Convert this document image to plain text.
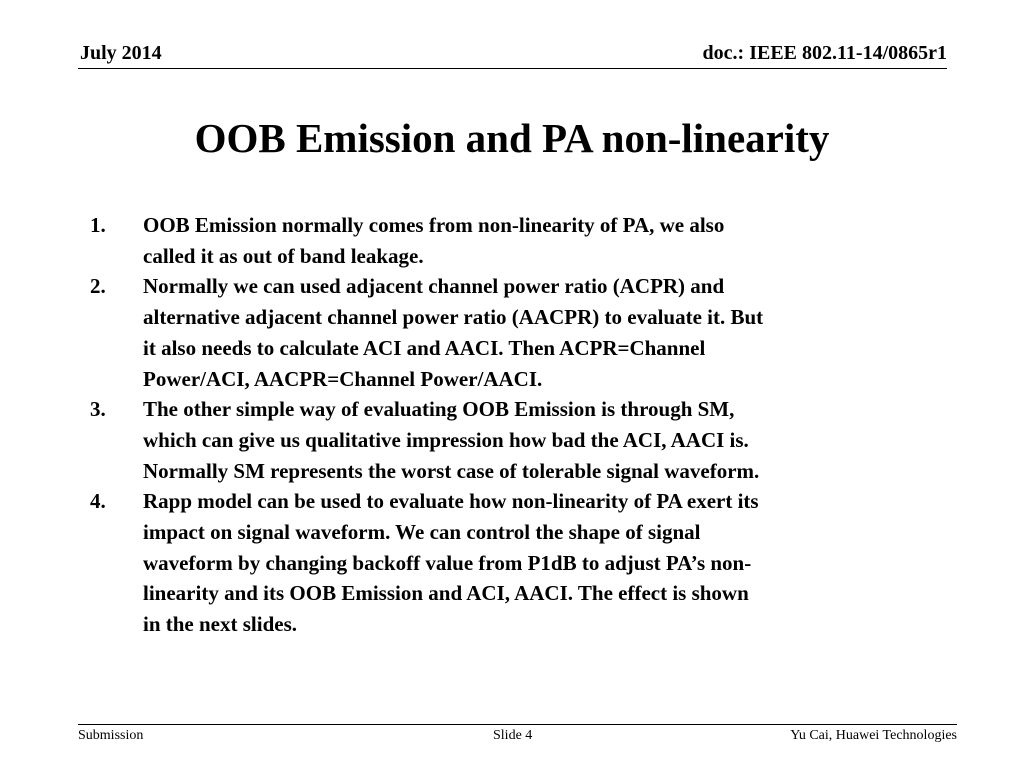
July 2014	doc.: IEEE 802.11-14/0865r1
OOB Emission and PA non-linearity
1. OOB Emission normally comes from non-linearity of PA, we also
called it as out of band leakage.
2. Normally we can used adjacent channel power ratio (ACPR) and
alternative adjacent channel power ratio (AACPR) to evaluate it. But
it also needs to calculate ACI and AACI. Then ACPR=Channel
Power/ACI, AACPR=Channel Power/AACI.
3. The other simple way of evaluating OOB Emission is through SM,
which can give us qualitative impression how bad the ACI, AACI is.
Normally SM represents the worst case of tolerable signal waveform.
4. Rapp model can be used to evaluate how non-linearity of PA exert its
impact on signal waveform. We can control the shape of signal
waveform by changing backoff value from P1dB to adjust PA’s non-
linearity and its OOB Emission and ACI, AACI. The effect is shown
in the next slides.
Submission	Slide 4	Yu Cai, Huawei Technologies
